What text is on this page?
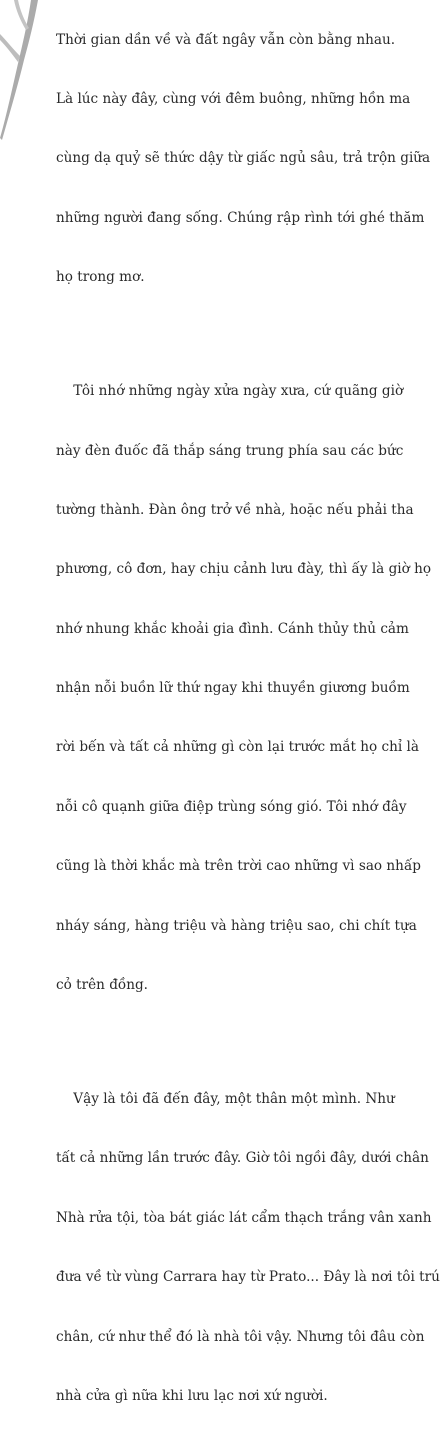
Thời gian dần về và đất ngây vẫn còn bằng nhau.

Là lúc này đây, cùng với đêm buông, những hồn ma

cùng dạ quỷ sẽ thức dậy từ giấc ngủ sâu, trả trộn giữa

những người đang sống. Chúng rập rình tới ghé thăm

họ trong mơ.

Tôi nhớ những ngày xửa ngày xưa, cứ quãng giờ

này đèn đuốc đã thắp sáng trung phía sau các bức

tường thành. Đàn ông trở về nhà, hoặc nếu phải tha

phương, cô đơn, hay chịu cảnh lưu đày, thì ấy là giờ họ

nhớ nhung khắc khoải gia đình. Cánh thủy thủ cảm

nhận nỗi buồn lữ thứ ngay khi thuyền giương buồm

rời bến và tất cả những gì còn lại trước mắt họ chỉ là

nỗi cô quạnh giữa điệp trùng sóng gió. Tôi nhớ đây

cũng là thời khắc mà trên trời cao những vì sao nhấp

nháy sáng, hàng triệu và hàng triệu sao, chi chít tựa

cỏ trên đồng.

Vậy là tôi đã đến đây, một thân một mình. Như

tất cả những lần trước đây. Giờ tôi ngồi đây, dưới chân

Nhà rửa tội, tòa bát giác lát cẩm thạch trắng vân xanh

đưa về từ vùng Carrara hay từ Prato... Đây là nơi tôi trú

chân, cứ như thể đó là nhà tôi vậy. Nhưng tôi đâu còn

nhà cửa gì nữa khi lưu lạc nơi xứ người.
